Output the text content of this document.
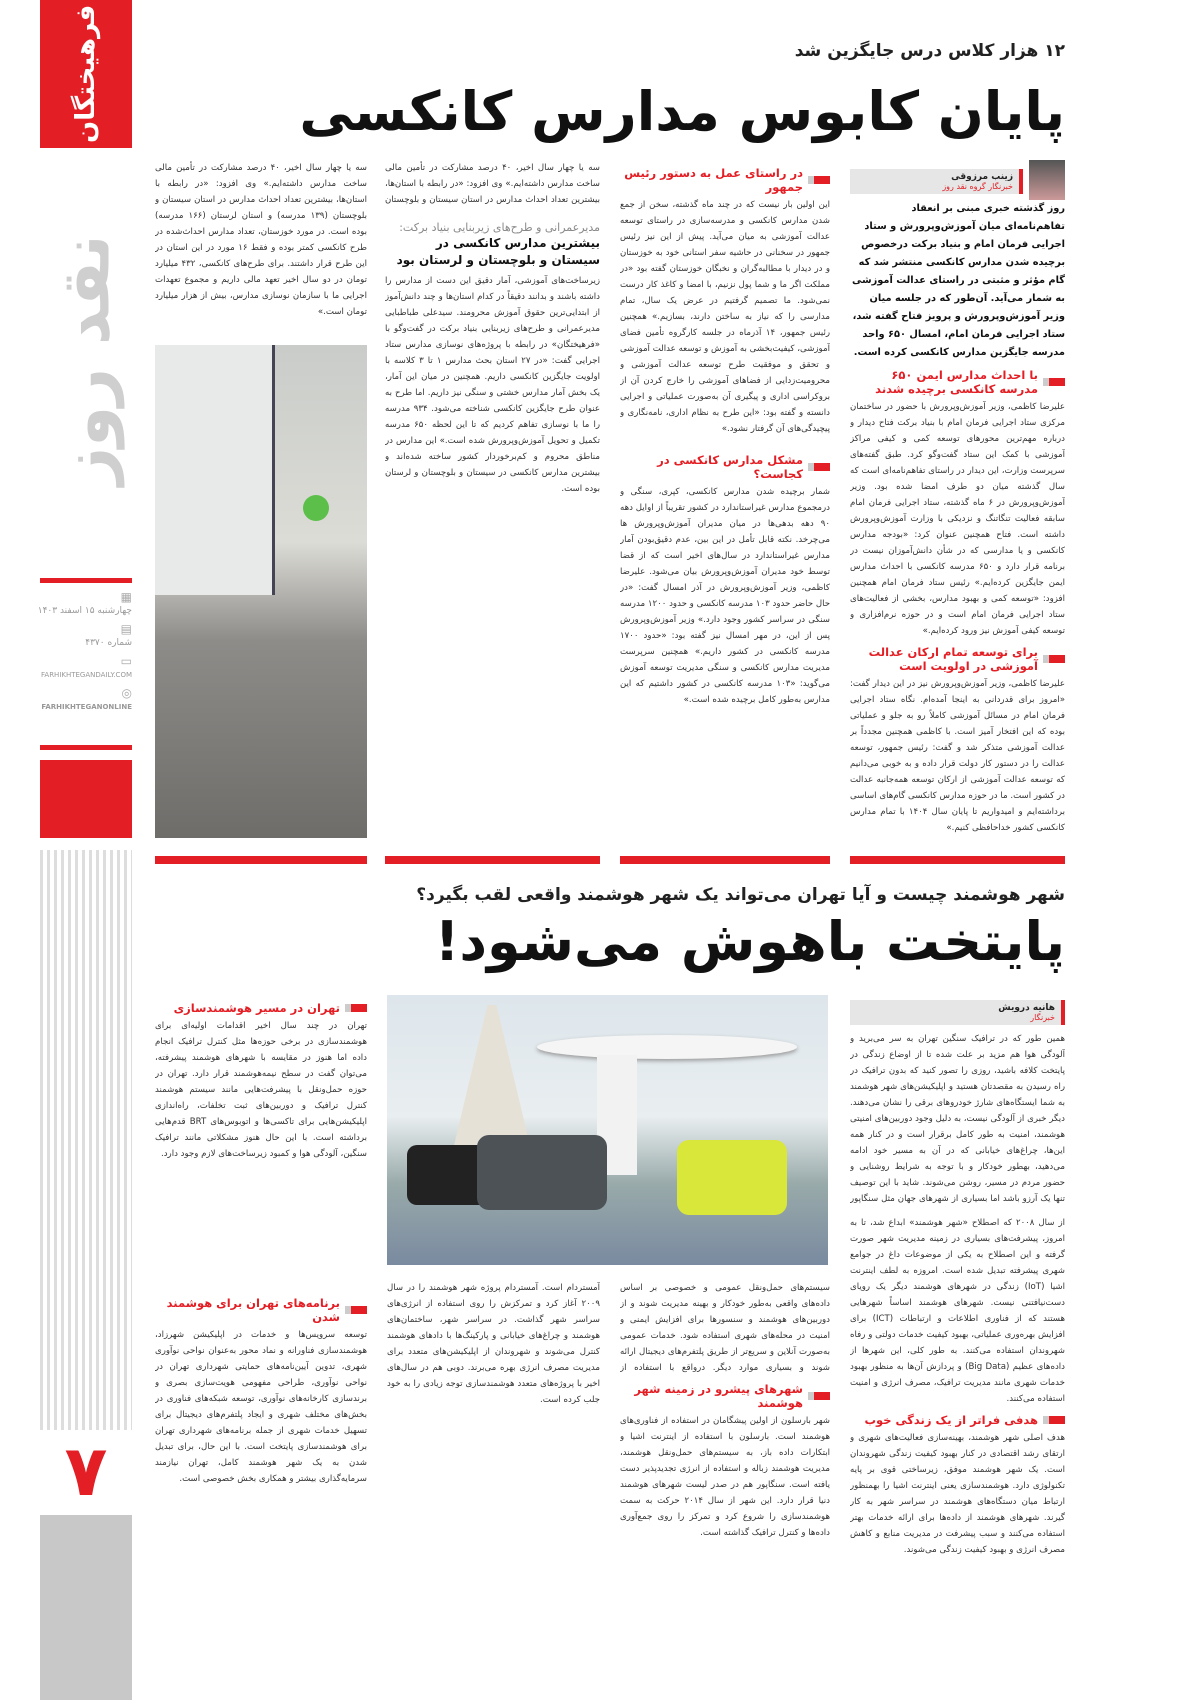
فرهیختگان
نقد روز
▦
چهارشنبه ۱۵ اسفند ۱۴۰۳
▤
شماره ۴۳۷۰
▭
FARHIKHTEGANDAILY.COM
◎
FARHIKHTEGANONLINE
۷
۱۲ هزار کلاس درس جایگزین شد
پایان کابوس مدارس کانکسی
زینب مرزوقی
خبرنگار گروه نقد روز
روز گذشته خبری مبنی بر انعقاد تفاهم‌نامه‌ای میان آموزش‌وپرورش و ستاد اجرایی فرمان امام و بنیاد برکت درخصوص برچیده شدن مدارس کانکسی منتشر شد که گام مؤثر و مثبتی در راستای عدالت آموزشی به شمار می‌آید. آن‌طور که در جلسه میان وزیر آموزش‌وپرورش و پرویز فتاح گفته شد، ستاد اجرایی فرمان امام، امسال ۶۵۰ واحد مدرسه جایگزین مدارس کانکسی کرده است.
با احداث مدارس ایمن ۶۵۰ مدرسه کانکسی برچیده شدند
علیرضا کاظمی، وزیر آموزش‌وپرورش با حضور در ساختمان مرکزی ستاد اجرایی فرمان امام با بنیاد برکت فتاح دیدار و درباره مهم‌ترین محورهای توسعه کمی و کیفی مراکز آموزشی با کمک این ستاد گفت‌وگو کرد. طبق گفته‌های سرپرست وزارت، این دیدار در راستای تفاهم‌نامه‌ای است که سال گذشته میان دو طرف امضا شده بود. وزیر آموزش‌وپرورش در ۶ ماه گذشته، ستاد اجرایی فرمان امام سابقه فعالیت تنگاتنگ و نزدیکی با وزارت آموزش‌وپرورش داشته است. فتاح همچنین عنوان کرد: «بودجه مدارس کانکسی و یا مدارسی که در شأن دانش‌آموزان نیست در برنامه قرار دارد و ۶۵۰ مدرسه کانکسی با احداث مدارس ایمن جایگزین کرده‌ایم.» رئیس ستاد فرمان امام همچنین افزود: «توسعه کمی و بهبود مدارس، بخشی از فعالیت‌های ستاد اجرایی فرمان امام است و در حوزه نرم‌افزاری و توسعه کیفی آموزش نیز ورود کرده‌ایم.»
برای توسعه تمام ارکان عدالت آموزشی در اولویت است
علیرضا کاظمی، وزیر آموزش‌وپرورش نیز در این دیدار گفت: «امروز برای قدردانی به اینجا آمده‌ام. نگاه ستاد اجرایی فرمان امام در مسائل آموزشی کاملاً رو به جلو و عملیاتی بوده که این افتخار آمیز است. با کاظمی همچنین مجدداً بر عدالت آموزشی متذکر شد و گفت: رئیس جمهور، توسعه عدالت را در دستور کار دولت قرار داده و به خوبی می‌دانیم که توسعه عدالت آموزشی از ارکان توسعه همه‌جانبه عدالت در کشور است. ما در حوزه مدارس کانکسی گام‌های اساسی برداشته‌ایم و امیدواریم تا پایان سال ۱۴۰۴ با تمام مدارس کانکسی کشور خداحافظی کنیم.»
در راستای عمل به دستور رئیس جمهور
این اولین بار نیست که در چند ماه گذشته، سخن از جمع شدن مدارس کانکسی و مدرسه‌سازی در راستای توسعه عدالت آموزشی به میان می‌آید. پیش از این نیز رئیس جمهور در سخنانی در حاشیه سفر استانی خود به خوزستان و در دیدار با مطالبه‌گران و نخبگان خوزستان گفته بود «در مملکت اگر ما و شما پول نزنیم، با امضا و کاغذ کار درست نمی‌شود. ما تصمیم گرفتیم در عرض یک سال، تمام مدارسی را که نیاز به ساختن دارند، بسازیم.» همچنین رئیس جمهور، ۱۴ آذرماه در جلسه کارگروه تأمین فضای آموزشی، کیفیت‌بخشی به آموزش و توسعه عدالت آموزشی و تحقق و موفقیت طرح توسعه عدالت آموزشی و محرومیت‌زدایی از فضاهای آموزشی را خارج کردن آن از بروکراسی اداری و پیگیری آن به‌صورت عملیاتی و اجرایی دانسته و گفته بود: «این طرح به نظام اداری، نامه‌نگاری و پیچیدگی‌های آن گرفتار نشود.»
مشکل مدارس کانکسی در کجاست؟
شمار برچیده شدن مدارس کانکسی، کپری، سنگی و درمجموع مدارس غیراستاندارد در کشور تقریباً از اوایل دهه ۹۰ دهه بدهی‌ها در میان مدیران آموزش‌وپرورش ‌ها می‌چرخد. نکته قابل تأمل در این بین، عدم دقیق‌بودن آمار مدارس غیراستاندارد در سال‌های اخیر است که از قضا توسط خود مدیران آموزش‌وپرورش بیان می‌شود. علیرضا کاظمی، وزیر آموزش‌وپرورش در آذر امسال گفت: «در حال حاضر حدود ۱۰۳ مدرسه کانکسی و حدود ۱۲۰۰ مدرسه سنگی در سراسر کشور وجود دارد.» وزیر آموزش‌وپرورش پس از این، در مهر امسال نیز گفته بود: «حدود ۱۷۰۰ مدرسه کانکسی در کشور داریم.» همچنین سرپرست مدیریت مدارس کانکسی و سنگی مدیریت توسعه آموزش می‌گوید: «۱۰۳ مدرسه کانکسی در کشور داشتیم که این مدارس به‌طور کامل برچیده شده است.»
سه یا چهار سال اخیر، ۴۰ درصد مشارکت در تأمین مالی ساخت مدارس داشته‌ایم.» وی افزود: «در رابطه با استان‌ها، بیشترین تعداد احداث مدارس در استان سیستان و بلوچستان
مدیرعمرانی و طرح‌های زیربنایی بنیاد برکت:
بیشترین مدارس کانکسی در سیستان و بلوچستان و لرستان بود
زیرساخت‌های آموزشی، آمار دقیق این دست از مدارس را داشته باشند و بدانند دقیقاً در کدام استان‌ها و چند دانش‌آموز از ابتدایی‌ترین حقوق آموزش محرومند. سیدعلی طباطبایی مدیرعمرانی و طرح‌های زیربنایی بنیاد برکت در گفت‌وگو با «فرهیختگان» در رابطه با پروژه‌های نوسازی مدارس ستاد اجرایی گفت: «در ۲۷ استان بحث مدارس ۱ تا ۳ کلاسه با اولویت جایگزین کانکسی داریم. همچنین در میان این آمار، یک بخش آمار مدارس خشتی و سنگی نیز داریم. اما طرح به عنوان طرح جایگزین کانکسی شناخته می‌شود. ۹۳۴ مدرسه را ما با نوسازی تفاهم کردیم که تا این لحظه ۶۵۰ مدرسه تکمیل و تحویل آموزش‌وپرورش شده است.» این مدارس در مناطق محروم و کم‌برخوردار کشور ساخته شده‌اند و بیشترین مدارس کانکسی در سیستان و بلوچستان و لرستان بوده است.
سه یا چهار سال اخیر، ۴۰ درصد مشارکت در تأمین مالی ساخت مدارس داشته‌ایم.» وی افزود: «در رابطه با استان‌ها، بیشترین تعداد احداث مدارس در استان سیستان و بلوچستان (۱۳۹ مدرسه) و استان لرستان (۱۶۶ مدرسه) بوده است. در مورد خوزستان، تعداد مدارس احداث‌شده در طرح کانکسی کمتر بوده و فقط ۱۶ مورد در این استان در این طرح قرار داشتند. برای طرح‌های کانکسی، ۴۳۲ میلیارد تومان در دو سال اخیر تعهد مالی داریم و مجموع تعهدات اجرایی ما با سازمان نوسازی مدارس، بیش از هزار میلیارد تومان است.»
شهر هوشمند چیست و آیا تهران می‌تواند یک شهر هوشمند واقعی لقب بگیرد؟
پایتخت باهوش می‌شود!
هانیه درویش
خبرنگار
همین طور که در ترافیک سنگین تهران به سر می‌برید و آلودگی هوا هم مزید بر علت شده تا از اوضاع زندگی در پایتخت کلافه باشید، روزی را تصور کنید که بدون ترافیک در راه رسیدن به مقصدتان هستید و اپلیکیشن‌های شهر هوشمند به شما ایستگاه‌های شارژ خودروهای برقی را نشان می‌دهند. دیگر خبری از آلودگی نیست، به دلیل وجود دوربین‌های امنیتی هوشمند، امنیت به طور کامل برقرار است و در کنار همه این‌ها، چراغ‌های خیابانی که در آن به مسیر خود ادامه می‌دهید، بهطور خودکار و با توجه به شرایط روشنایی و حضور مردم در مسیر، روشن می‌شوند. شاید با این توصیف تنها یک آرزو باشد اما بسیاری از شهرهای جهان مثل سنگاپور
از سال ۲۰۰۸ که اصطلاح «شهر هوشمند» ابداع شد، تا به امروز، پیشرفت‌های بسیاری در زمینه مدیریت شهر صورت گرفته و این اصطلاح به یکی از موضوعات داغ در جوامع شهری پیشرفته تبدیل شده است. امروزه به لطف اینترنت اشیا (IoT) زندگی در شهرهای هوشمند دیگر یک رویای دست‌نیافتنی نیست. شهرهای هوشمند اساساً شهرهایی هستند که از فناوری اطلاعات و ارتباطات (ICT) برای افزایش بهره‌وری عملیاتی، بهبود کیفیت خدمات دولتی و رفاه شهروندان استفاده می‌کنند. به طور کلی، این شهرها از داده‌های عظیم (Big Data) و پردازش آن‌ها به منظور بهبود خدمات شهری مانند مدیریت ترافیک، مصرف انرژی و امنیت استفاده می‌کنند.
هدفی فراتر از یک زندگی خوب
هدف اصلی شهر هوشمند، بهینه‌سازی فعالیت‌های شهری و ارتقای رشد اقتصادی در کنار بهبود کیفیت زندگی شهروندان است. یک شهر هوشمند موفق، زیرساختی قوی بر پایه تکنولوژی دارد. هوشمندسازی یعنی اینترنت اشیا را بهمنظور ارتباط میان دستگاه‌های هوشمند در سراسر شهر به کار گیرند. شهرهای هوشمند از داده‌ها برای ارائه خدمات بهتر استفاده می‌کنند و سبب پیشرفت در مدیریت منابع و کاهش مصرف انرژی و بهبود کیفیت زندگی می‌شوند.
سیستم‌های حمل‌ونقل عمومی و خصوصی بر اساس داده‌های واقعی به‌طور خودکار و بهینه مدیریت شوند و از دوربین‌های هوشمند و سنسورها برای افزایش ایمنی و امنیت در محله‌های شهری استفاده شود. خدمات عمومی به‌صورت آنلاین و سریع‌تر از طریق پلتفرم‌های دیجیتال ارائه شوند و بسیاری موارد دیگر. درواقع با استفاده از
شهرهای پیشرو در زمینه شهر هوشمند
شهر بارسلون از اولین پیشگامان در استفاده از فناوری‌های هوشمند است. بارسلون با استفاده از اینترنت اشیا و ابتکارات داده باز، به سیستم‌های حمل‌ونقل هوشمند، مدیریت هوشمند زباله و استفاده از انرژی تجدیدپذیر دست یافته است. سنگاپور هم در صدر لیست شهرهای هوشمند دنیا قرار دارد. این شهر از سال ۲۰۱۴ حرکت به سمت هوشمندسازی را شروع کرد و تمرکز را روی جمع‌آوری داده‌ها و کنترل ترافیک گذاشته است.
آمستردام است. آمستردام پروژه شهر هوشمند را در سال ۲۰۰۹ آغاز کرد و تمرکزش را روی استفاده از انرژی‌های سراسر شهر گذاشت. در سراسر شهر، ساختمان‌های هوشمند و چراغ‌های خیابانی و پارکینگ‌ها با دادهای هوشمند کنترل می‌شوند و شهروندان از اپلیکیشن‌های متعدد برای مدیریت مصرف انرژی بهره می‌برند. دوبی هم در سال‌های اخیر با پروژه‌های متعدد هوشمندسازی توجه زیادی را به خود جلب کرده است.
تهران در مسیر هوشمندسازی
تهران در چند سال اخیر اقدامات اولیه‌ای برای هوشمندسازی در برخی حوزه‌ها مثل کنترل ترافیک انجام داده اما هنوز در مقایسه با شهرهای هوشمند پیشرفته، می‌توان گفت در سطح نیمه‌هوشمند قرار دارد. تهران در حوزه حمل‌ونقل با پیشرفت‌هایی مانند سیستم هوشمند کنترل ترافیک و دوربین‌های ثبت تخلفات، راه‌اندازی اپلیکیشن‌هایی برای تاکسی‌ها و اتوبوس‌های BRT قدم‌هایی برداشته است. با این حال هنوز مشکلاتی مانند ترافیک سنگین، آلودگی هوا و کمبود زیرساخت‌های لازم وجود دارد.
برنامه‌های تهران برای هوشمند شدن
توسعه سرویس‌ها و خدمات در اپلیکیشن شهرزاد، هوشمندسازی فناورانه و نماد محور به‌عنوان نواحی نوآوری شهری، تدوین آیین‌نامه‌های حمایتی شهرداری تهران در نواحی نوآوری، طراحی مفهومی هویت‌سازی بصری و برندسازی کارخانه‌های نوآوری، توسعه شبکه‌های فناوری در بخش‌های مختلف شهری و ایجاد پلتفرم‌های دیجیتال برای تسهیل خدمات شهری از جمله برنامه‌های شهرداری تهران برای هوشمندسازی پایتخت است. با این حال، برای تبدیل شدن به یک شهر هوشمند کامل، تهران نیازمند سرمایه‌گذاری بیشتر و همکاری بخش خصوصی است.
